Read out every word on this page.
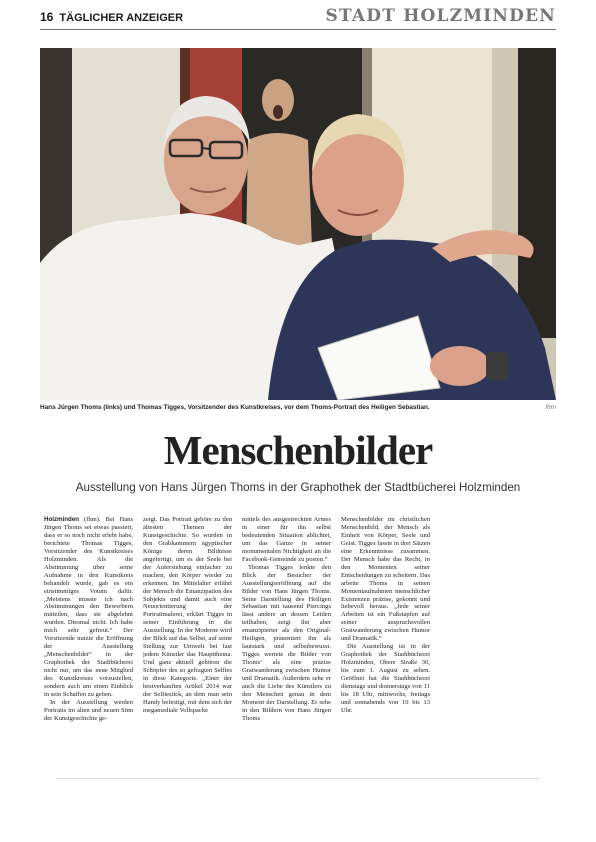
16 TÄGLICHER ANZEIGER	STADT HOLZMINDEN
Hans Jürgen Thoms (links) und Thomas Tigges, Vorsitzender des Kunstkreises, vor dem Thoms-Portrait des Heiligen Sebastian.	fhm
Menschenbilder
Ausstellung von Hans Jürgen Thoms in der Graphothek der Stadtbücherei Holzminden

Holzminden (fhm). Bei Hans Jürgen Thoms sei etwas passiert, dass er so noch nicht erlebt habe, berichtete Thomas Tigges, Vorsitzender des Kunstkreises Holzminden. Als die Abstimmung über seine Aufnahme in den Kunstkreis behandelt wurde, gab es ein einstimmiges Votum dafür. „Meistens musste ich nach Abstimmungen den Bewerbern mitteilen, dass sie abgelehnt wurden. Diesmal nicht. Ich habe mich sehr gefreut.“ Der Vorsitzende nutzte die Eröffnung der Ausstellung „Menschenbilder“ in der Graphothek der Stadtbücherei nicht nur, um das neue Mitglied des Kunstkreises vorzustellen, sondern auch um einen Einblick in sein Schaffen zu geben.

In der Ausstellung werden Portraits im alten und neuen Sinn der Kunstgeschichte ge-

zeigt. Das Portrait gehöre zu den ältesten Themen der Kunstgeschichte. So wurden in den Grabkammern ägyptischer Könige deren Bildnisse angefertigt, um es der Seele bei der Auferstehung einfacher zu machen, den Körper wieder zu erkennen. Im Mittelalter erfährt der Mensch die Emanzipation des Subjekts und damit auch eine Neuorientierung der Portraitmalerei, erklärt Tigges in seiner Einführung in die Ausstellung. In der Moderne wird der Blick auf das Selbst, auf seine Stellung zur Umwelt bei fast jedem Künstler das Hauptthema. Und ganz aktuell gehören die Schöpfer des so gefragten Selfies in diese Kategorie. „Einer der bestverkauften Artikel 2014 war der Selfiestick, an dem man sein Handy befestigt, mit dem sich der megamediale Vollspacke

mittels des ausgestreckten Armes in einer für ihn selbst bedeutenden Situation ablichtet, um das Ganze in seiner monumentalen Nichtigkeit an die Facebook-Gemeinde zu posten.“

Thomas Tigges lenkte den Blick der Besucher der Ausstellungseröffnung auf die Bilder von Hans Jürgen Thoms. Seine Darstellung des Heiligen Sebastian mit tausend Piercings lässt andere an dessen Leiden teilhaben, zeigt ihn aber emanzipierter als den Original-Heiligen, präsentiert ihn als lautstark und selbstbewusst. Tigges wertete die Bilder von Thoms’ als eine präzise Gratwanderung zwischen Humor und Dramatik. Außerdem sehe er auch die Liebe des Künstlers zu den Menschen genau in dem Moment der Darstellung. Er sehe in den Bildern von Hans Jürgen Thoms

Menschenbilder im christlichen Menschenbild, der Mensch als Einheit von Körper, Seele und Geist. Tigges fasste in drei Sätzen eine Erkenntnisse zusammen. Der Mensch habe das Recht, in den Momenten seiner Entscheidungen zu scheitern. Das arbeite Thoms in seinen Momentaufnahmen menschlicher Existenzen präzise, gekonnt und liebevoll heraus. „Jede seiner Arbeiten ist ein Fußstapfen auf seiner anspruchsvollen Gratwanderung zwischen Humor und Dramatik.“

Die Ausstellung ist in der Graphothek der Stadtbücherei Holzminden, Obere Straße 30, bis zum 1. August zu sehen. Geöffnet hat die Stadtbücherei dienstags und donnerstags von 11 bis 18 Uhr, mittwochs, freitags und sonnabends von 10 bis 13 Uhr.
